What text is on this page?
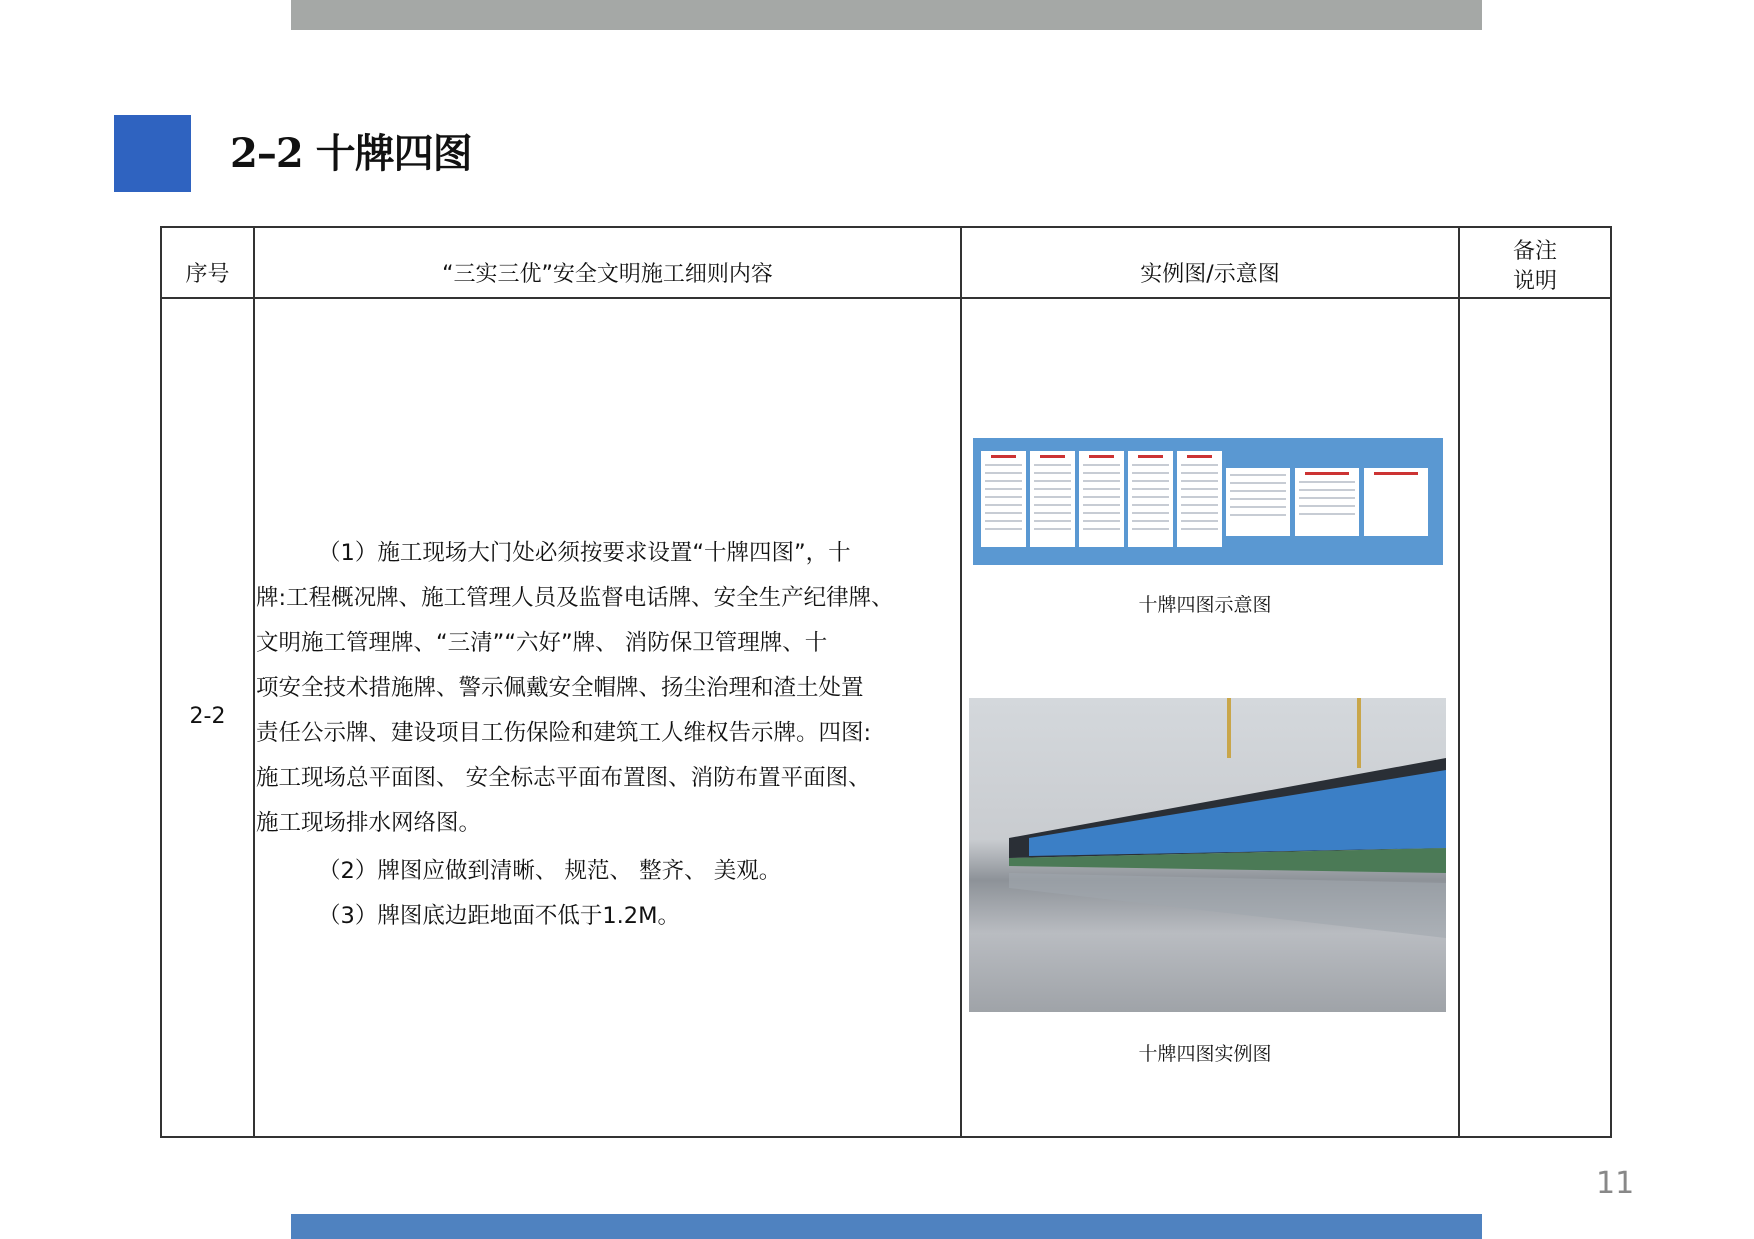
2–2 十牌四图
序号	“三实三优”安全文明施工细则内容	实例图/示意图
备注
说明
2-2
（1）施工现场大门处必须按要求设置“十牌四图”，十
牌:工程概况牌、施工管理人员及监督电话牌、安全生产纪律牌、
文明施工管理牌、“三清”“六好”牌、 消防保卫管理牌、十
项安全技术措施牌、警示佩戴安全帽牌、扬尘治理和渣土处置
责任公示牌、建设项目工伤保险和建筑工人维权告示牌。四图:
施工现场总平面图、 安全标志平面布置图、消防布置平面图、
施工现场排水网络图。
（2）牌图应做到清晰、 规范、 整齐、 美观。
（3）牌图底边距地面不低于1.2M。
十牌四图示意图
十牌四图实例图
11
